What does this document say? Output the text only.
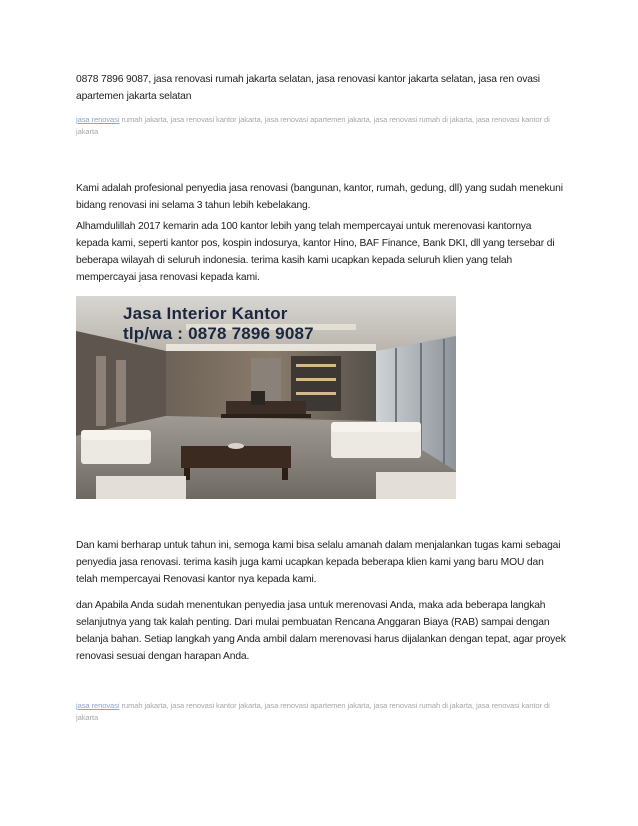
0878 7896 9087, jasa renovasi rumah jakarta selatan, jasa renovasi kantor jakarta selatan, jasa ren ovasi apartemen jakarta selatan
jasa renovasi rumah jakarta, jasa renovasi kantor jakarta, jasa renovasi apartemen jakarta, jasa renovasi rumah di jakarta, jasa renovasi kantor di jakarta
Kami adalah profesional penyedia jasa renovasi (bangunan, kantor, rumah, gedung, dll) yang sudah menekuni bidang renovasi ini selama 3 tahun lebih kebelakang.
Alhamdulillah 2017 kemarin ada 100 kantor lebih yang telah mempercayai untuk merenovasi kantornya kepada kami, seperti kantor pos, kospin indosurya, kantor Hino, BAF Finance, Bank DKI, dll yang tersebar di beberapa wilayah di seluruh indonesia. terima kasih kami ucapkan kepada seluruh klien yang telah mempercayai jasa renovasi kepada kami.
Jasa Interior Kantor
tlp/wa : 0878 7896 9087
Dan kami berharap untuk tahun ini, semoga kami bisa selalu amanah dalam menjalankan tugas kami sebagai penyedia jasa renovasi. terima kasih juga kami ucapkan kepada beberapa klien kami yang baru MOU dan telah mempercayai Renovasi kantor nya kepada kami.
dan Apabila Anda sudah menentukan penyedia jasa untuk merenovasi Anda, maka ada beberapa langkah selanjutnya yang tak kalah penting. Dari mulai pembuatan Rencana Anggaran Biaya (RAB) sampai dengan belanja bahan. Setiap langkah yang Anda ambil dalam merenovasi harus dijalankan dengan tepat, agar proyek renovasi sesuai dengan harapan Anda.
jasa renovasi rumah jakarta, jasa renovasi kantor jakarta, jasa renovasi apartemen jakarta, jasa renovasi rumah di jakarta, jasa renovasi kantor di jakarta
